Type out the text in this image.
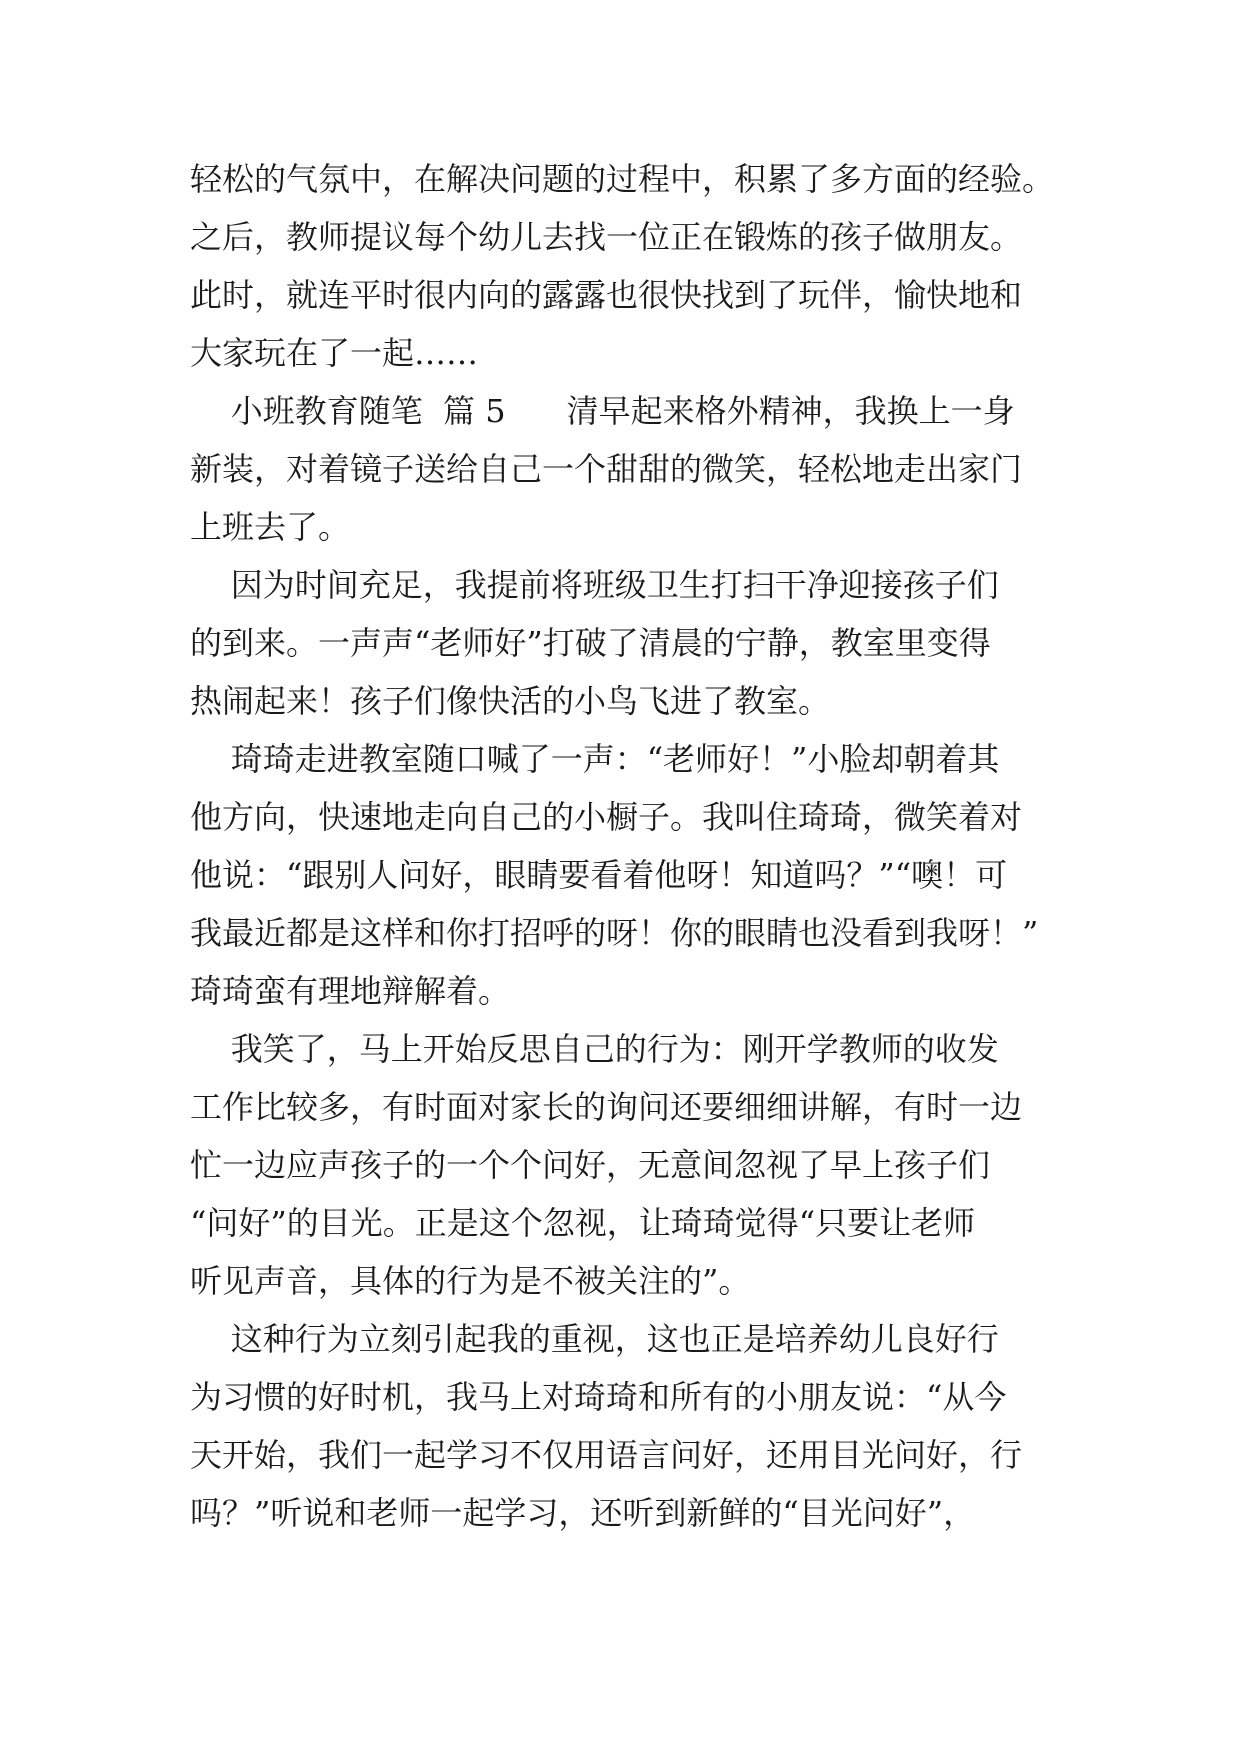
轻松的气氛中，在解决问题的过程中，积累了多方面的经验。
之后，教师提议每个幼儿去找一位正在锻炼的孩子做朋友。
此时，就连平时很内向的露露也很快找到了玩伴，愉快地和
大家玩在了一起……
小班教育随笔  篇 5      清早起来格外精神，我换上一身
新装，对着镜子送给自己一个甜甜的微笑，轻松地走出家门
上班去了。
因为时间充足，我提前将班级卫生打扫干净迎接孩子们
的到来。一声声“老师好”打破了清晨的宁静，教室里变得
热闹起来！孩子们像快活的小鸟飞进了教室。
琦琦走进教室随口喊了一声：“老师好！”小脸却朝着其
他方向，快速地走向自己的小橱子。我叫住琦琦，微笑着对
他说：“跟别人问好，眼睛要看着他呀！知道吗？”“噢！可
我最近都是这样和你打招呼的呀！你的眼睛也没看到我呀！”
琦琦蛮有理地辩解着。
我笑了，马上开始反思自己的行为：刚开学教师的收发
工作比较多，有时面对家长的询问还要细细讲解，有时一边
忙一边应声孩子的一个个问好，无意间忽视了早上孩子们
“问好”的目光。正是这个忽视，让琦琦觉得“只要让老师
听见声音，具体的行为是不被关注的”。
这种行为立刻引起我的重视，这也正是培养幼儿良好行
为习惯的好时机，我马上对琦琦和所有的小朋友说：“从今
天开始，我们一起学习不仅用语言问好，还用目光问好，行
吗？”听说和老师一起学习，还听到新鲜的“目光问好”，
